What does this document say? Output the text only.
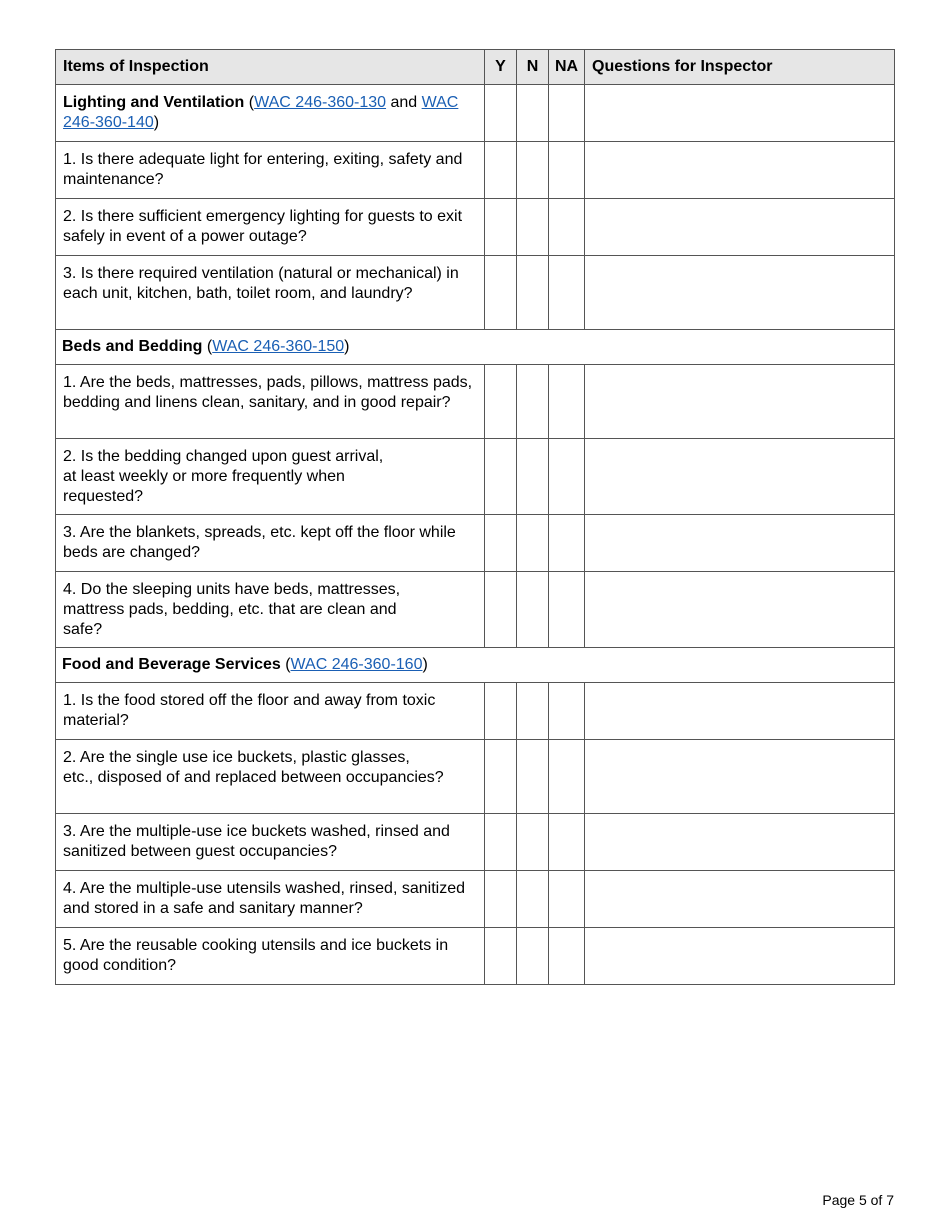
Items of Inspection	Y	N	NA	Questions for Inspector

Lighting and Ventilation (WAC 246-360-130 and WAC 246-360-140)				

1. Is there adequate light for entering, exiting, safety and maintenance?				

2. Is there sufficient emergency lighting for guests to exit safely in event of a power outage?				

3. Is there required ventilation (natural or mechanical) in each unit, kitchen, bath, toilet room, and laundry?				

Beds and Bedding (WAC 246-360-150)				

1. Are the beds, mattresses, pads, pillows, mattress pads, bedding and linens clean, sanitary, and in good repair?				

2. Is the bedding changed upon guest arrival, at least weekly or more frequently when requested?				

3. Are the blankets, spreads, etc. kept off the floor while beds are changed?				

4. Do the sleeping units have beds, mattresses, mattress pads, bedding, etc. that are clean and safe?				

Food and Beverage Services (WAC 246-360-160)				

1. Is the food stored off the floor and away from toxic material?				

2. Are the single use ice buckets, plastic glasses, etc., disposed of and replaced between occupancies?				

3. Are the multiple-use ice buckets washed, rinsed and sanitized between guest occupancies?				

4. Are the multiple-use utensils washed, rinsed, sanitized and stored in a safe and sanitary manner?				

5. Are the reusable cooking utensils and ice buckets in good condition?				

Page 5 of 7
